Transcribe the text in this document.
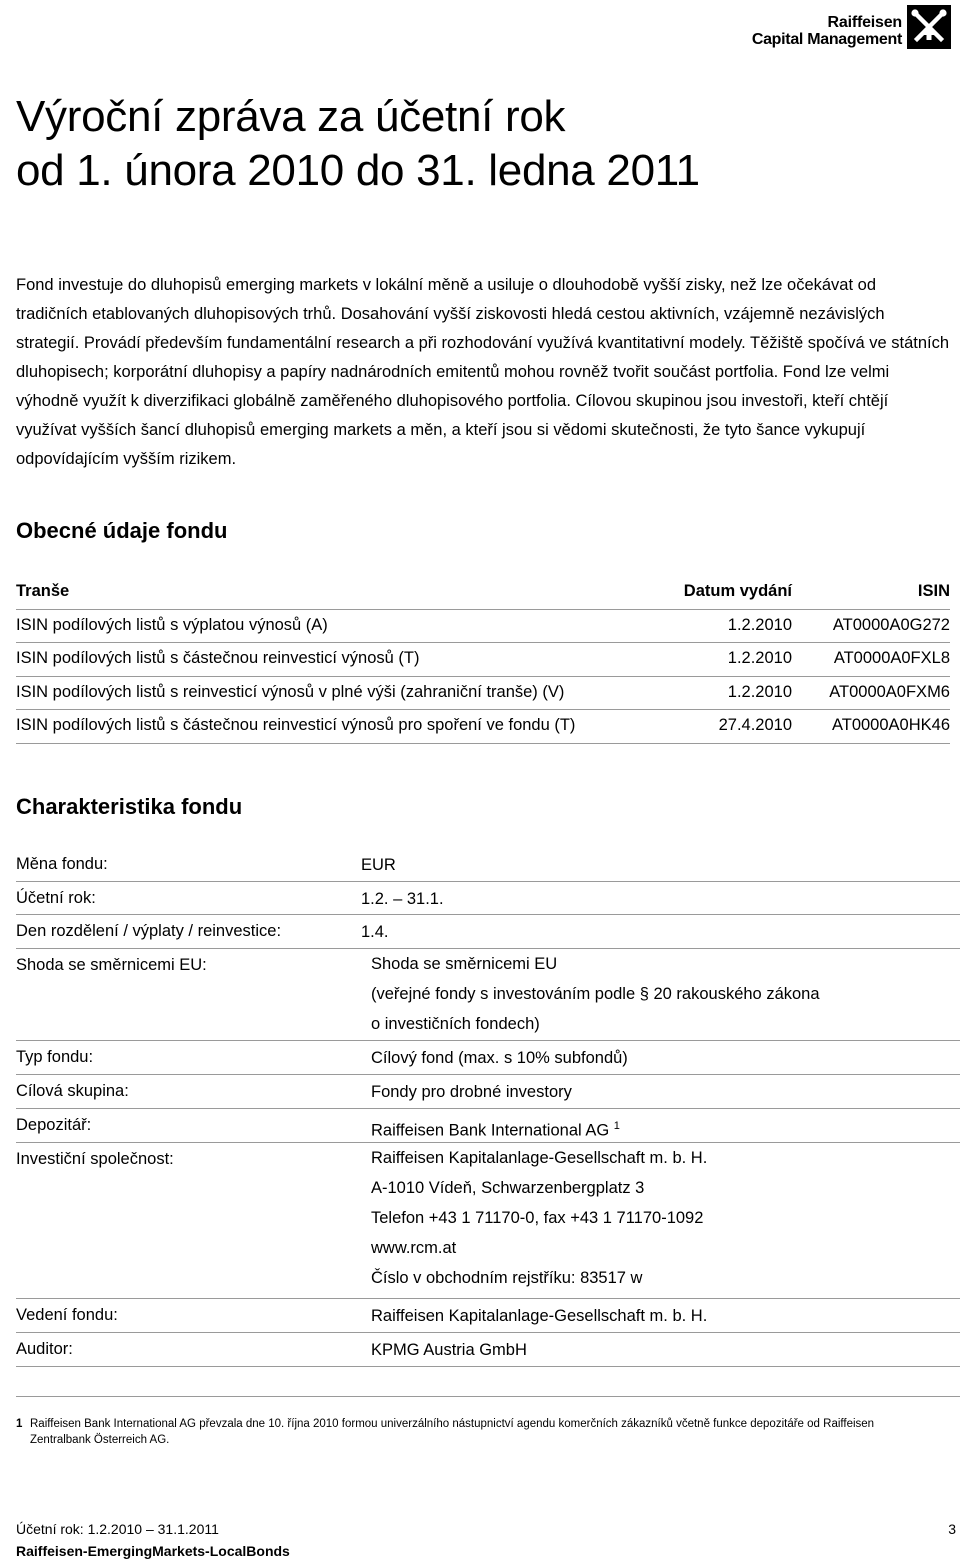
Raiffeisen
Capital Management
Výroční zpráva za účetní rok
od 1. února 2010 do 31. ledna 2011

Fond investuje do dluhopisů emerging markets v lokální měně a usiluje o dlouhodobě vyšší zisky, než lze očekávat od tradičních etablovaných dluhopisových trhů. Dosahování vyšší ziskovosti hledá cestou aktivních, vzájemně nezávislých strategií. Provádí především fundamentální research a při rozhodování využívá kvantitativní modely. Těžiště spočívá ve státních dluhopisech; korporátní dluhopisy a papíry nadnárodních emitentů mohou rovněž tvořit součást portfolia. Fond lze velmi výhodně využít k diverzifikaci globálně zaměřeného dluhopisového portfolia. Cílovou skupinou jsou investoři, kteří chtějí využívat vyšších šancí dluhopisů emerging markets a měn, a kteří jsou si vědomi skutečnosti, že tyto šance vykupují odpovídajícím vyšším rizikem.

Obecné údaje fondu
Tranše	Datum vydání	ISIN
ISIN podílových listů s výplatou výnosů (A)	1.2.2010 AT0000A0G272
ISIN podílových listů s částečnou reinvesticí výnosů (T)	1.2.2010	AT0000A0FXL8
ISIN podílových listů s reinvesticí výnosů v plné výši (zahraniční tranše) (V)	1.2.2010 AT0000A0FXM6
ISIN podílových listů s částečnou reinvesticí výnosů pro spoření ve fondu (T)	27.4.2010 AT0000A0HK46
Charakteristika fondu
Měna fondu:	EUR
Účetní rok:	1.2. – 31.1.
Den rozdělení / výplaty / reinvestice:	1.4.
Shoda se směrnicemi EU:	Shoda se směrnicemi EU
(veřejné fondy s investováním podle § 20 rakouského zákona
o investičních fondech)
Typ fondu:	Cílový fond (max. s 10% subfondů)
Cílová skupina:	Fondy pro drobné investory
Depozitář:	Raiffeisen Bank International AG $^1$
Investiční společnost:	Raiffeisen Kapitalanlage-Gesellschaft m. b. H.
A-1010 Vídeň, Schwarzenbergplatz 3
Telefon +43 1 71170-0, fax +43 1 71170-1092
www.rcm.at
Číslo v obchodním rejstříku: 83517 w
Vedení fondu:	Raiffeisen Kapitalanlage-Gesellschaft m. b. H.
Auditor:	KPMG Austria GmbH
1 Raiffeisen Bank International AG převzala dne 10. října 2010 formou univerzálního nástupnictví agendu komerčních zákazníků včetně funkce depozitáře od Raiffeisen Zentralbank Österreich AG.
Účetní rok: 1.2.2010 – 31.1.2011
Raiffeisen-EmergingMarkets-LocalBonds
3
